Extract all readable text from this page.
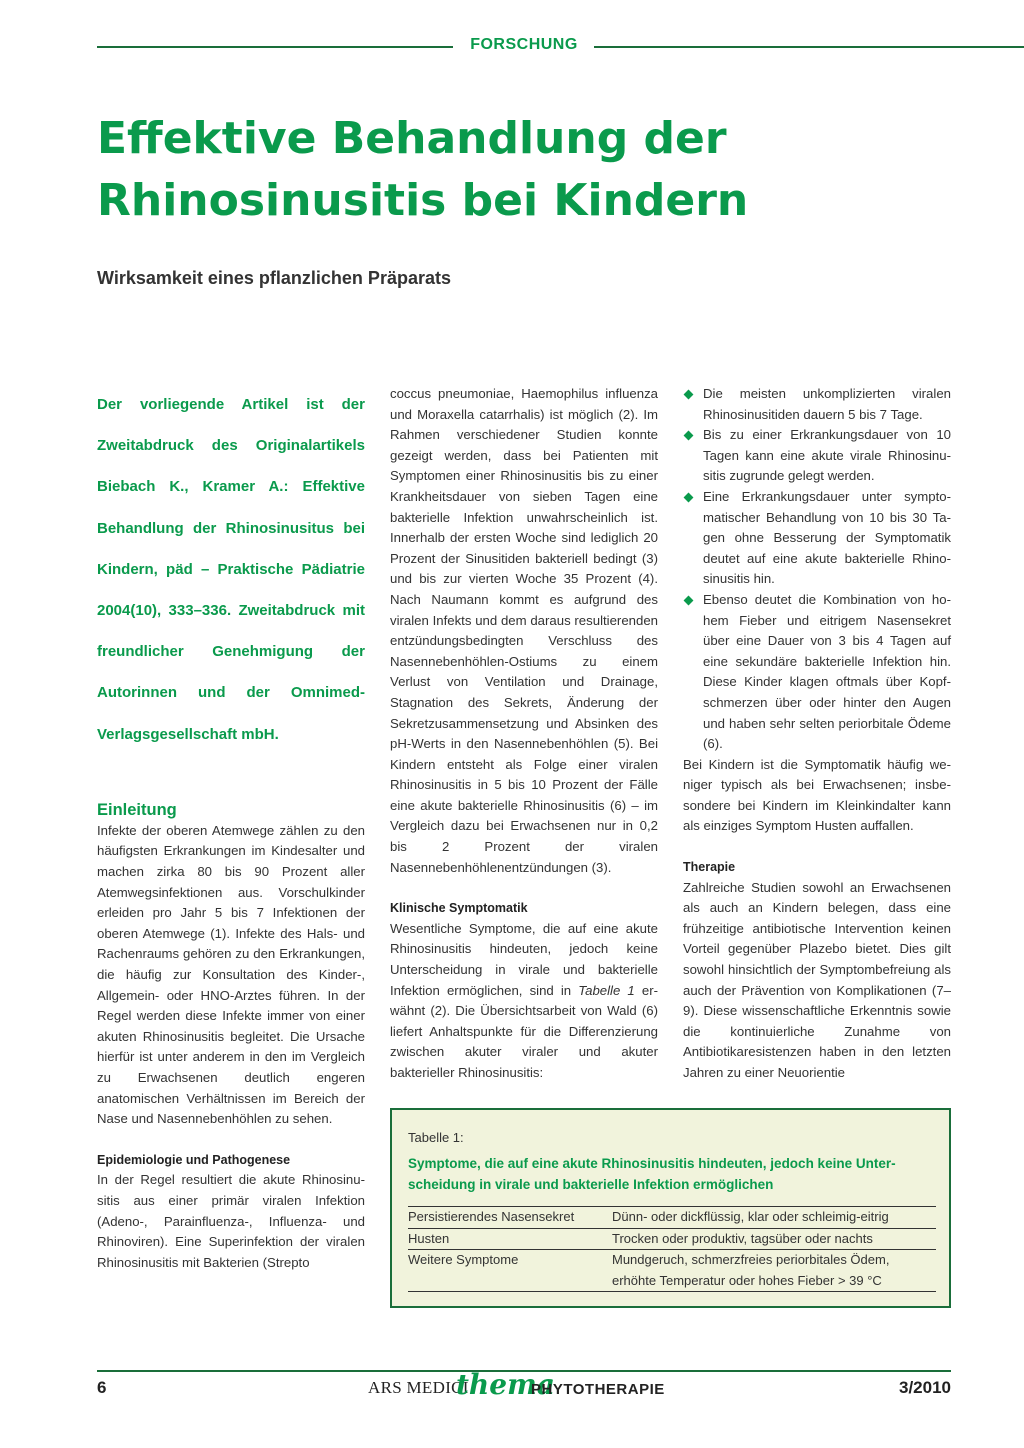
FORSCHUNG
Effektive Behandlung der Rhinosinusitis bei Kindern
Wirksamkeit eines pflanzlichen Präparats

Der vorliegende Artikel ist der Zweitabdruck des Originalartikels Biebach K., Kramer A.: Effektive Behandlung der Rhinosinusitus bei Kindern, päd – Praktische Pädiatrie 2004(10), 333–336. Zweitabdruck mit freundlicher Genehmigung der Autorinnen und der Omnimed-Verlagsgesellschaft mbH.

Einleitung

Infekte der oberen Atemwege zählen zu den häufigsten Erkrankungen im Kindesalter und machen zirka 80 bis 90 Prozent aller Atemwegsinfektionen aus. Vorschulkinder erleiden pro Jahr 5 bis 7 Infektionen der oberen Atemwege (1). Infekte des Hals- und Rachenraums gehören zu den Erkrankungen, die häufig zur Konsultation des Kinder-, Allgemein- oder HNO-Arztes führen. In der Regel werden diese Infekte immer von einer akuten Rhinosinusitis begleitet. Die Ursache hierfür ist unter anderem in den im Vergleich zu Erwachsenen deutlich engeren anatomischen Verhältnissen im Bereich der Nase und Nasennebenhöhlen zu sehen.

Epidemiologie und Pathogenese

In der Regel resultiert die akute Rhinosinusitis aus einer primär viralen Infektion (Adeno-, Parainfluenza-, Influenza- und Rhinoviren). Eine Superinfektion der viralen Rhinosinusitis mit Bakterien (Strepto

coccus pneumoniae, Haemophilus influenza und Moraxella catarrhalis) ist möglich (2). Im Rahmen verschiedener Studien konnte gezeigt werden, dass bei Patienten mit Symptomen einer Rhinosinusitis bis zu einer Krankheitsdauer von sieben Tagen eine bakterielle Infektion unwahrscheinlich ist. Innerhalb der ersten Woche sind lediglich 20 Prozent der Sinusitiden bakteriell bedingt (3) und bis zur vierten Woche 35 Prozent (4). Nach Naumann kommt es aufgrund des viralen Infekts und dem daraus resultierenden entzündungsbedingten Verschluss des Nasennebenhöhlen-Ostiums zu einem Verlust von Ventilation und Drainage, Stagnation des Sekrets, Änderung der Sekretzusammensetzung und Absinken des pH-Werts in den Nasennebenhöhlen (5). Bei Kindern entsteht als Folge einer viralen Rhinosinusitis in 5 bis 10 Prozent der Fälle eine akute bakterielle Rhinosinusitis (6) – im Vergleich dazu bei Erwachsenen nur in 0,2 bis 2 Prozent der viralen Nasennebenhöhlenentzündungen (3).

Klinische Symptomatik

Wesentliche Symptome, die auf eine akute Rhinosinusitis hindeuten, jedoch keine Unterscheidung in virale und bakterielle Infektion ermöglichen, sind in Tabelle 1 erwähnt (2). Die Übersichtsarbeit von Wald (6) liefert Anhaltspunkte für die Differenzierung zwischen akuter viraler und akuter bakterieller Rhinosinusitis:

Die meisten unkomplizierten viralen Rhinosinusitiden dauern 5 bis 7 Tage.
Bis zu einer Erkrankungsdauer von 10 Tagen kann eine akute virale Rhinosinusitis zugrunde gelegt werden.
Eine Erkrankungsdauer unter symptomatischer Behandlung von 10 bis 30 Tagen ohne Besserung der Symptomatik deutet auf eine akute bakterielle Rhinosinusitis hin.
Ebenso deutet die Kombination von hohem Fieber und eitrigem Nasensekret über eine Dauer von 3 bis 4 Tagen auf eine sekundäre bakterielle Infektion hin. Diese Kinder klagen oftmals über Kopfschmerzen über oder hinter den Augen und haben sehr selten periorbitale Ödeme (6).

Bei Kindern ist die Symptomatik häufig weniger typisch als bei Erwachsenen; insbesondere bei Kindern im Kleinkindalter kann als einziges Symptom Husten auffallen.

Therapie

Zahlreiche Studien sowohl an Erwachsenen als auch an Kindern belegen, dass eine frühzeitige antibiotische Intervention keinen Vorteil gegenüber Plazebo bietet. Dies gilt sowohl hinsichtlich der Symptombefreiung als auch der Prävention von Komplikationen (7–9). Diese wissenschaftliche Erkenntnis sowie die kontinuierliche Zunahme von Antibiotikaresistenzen haben in den letzten Jahren zu einer Neuorientie

Tabelle 1:

Symptome, die auf eine akute Rhinosinusitis hindeuten, jedoch keine Unterscheidung in virale und bakterielle Infektion ermöglichen

Persistierendes Nasensekret	Dünn- oder dickflüssig, klar oder schleimig-eitrig
Husten	Trocken oder produktiv, tagsüber oder nachts
Weitere Symptome	Mundgeruch, schmerzfreies periorbitales Ödem, erhöhte Temperatur oder hohes Fieber > 39 °C
6	ARS MEDICI
thema
PHYTOTHERAPIE	3/2010
